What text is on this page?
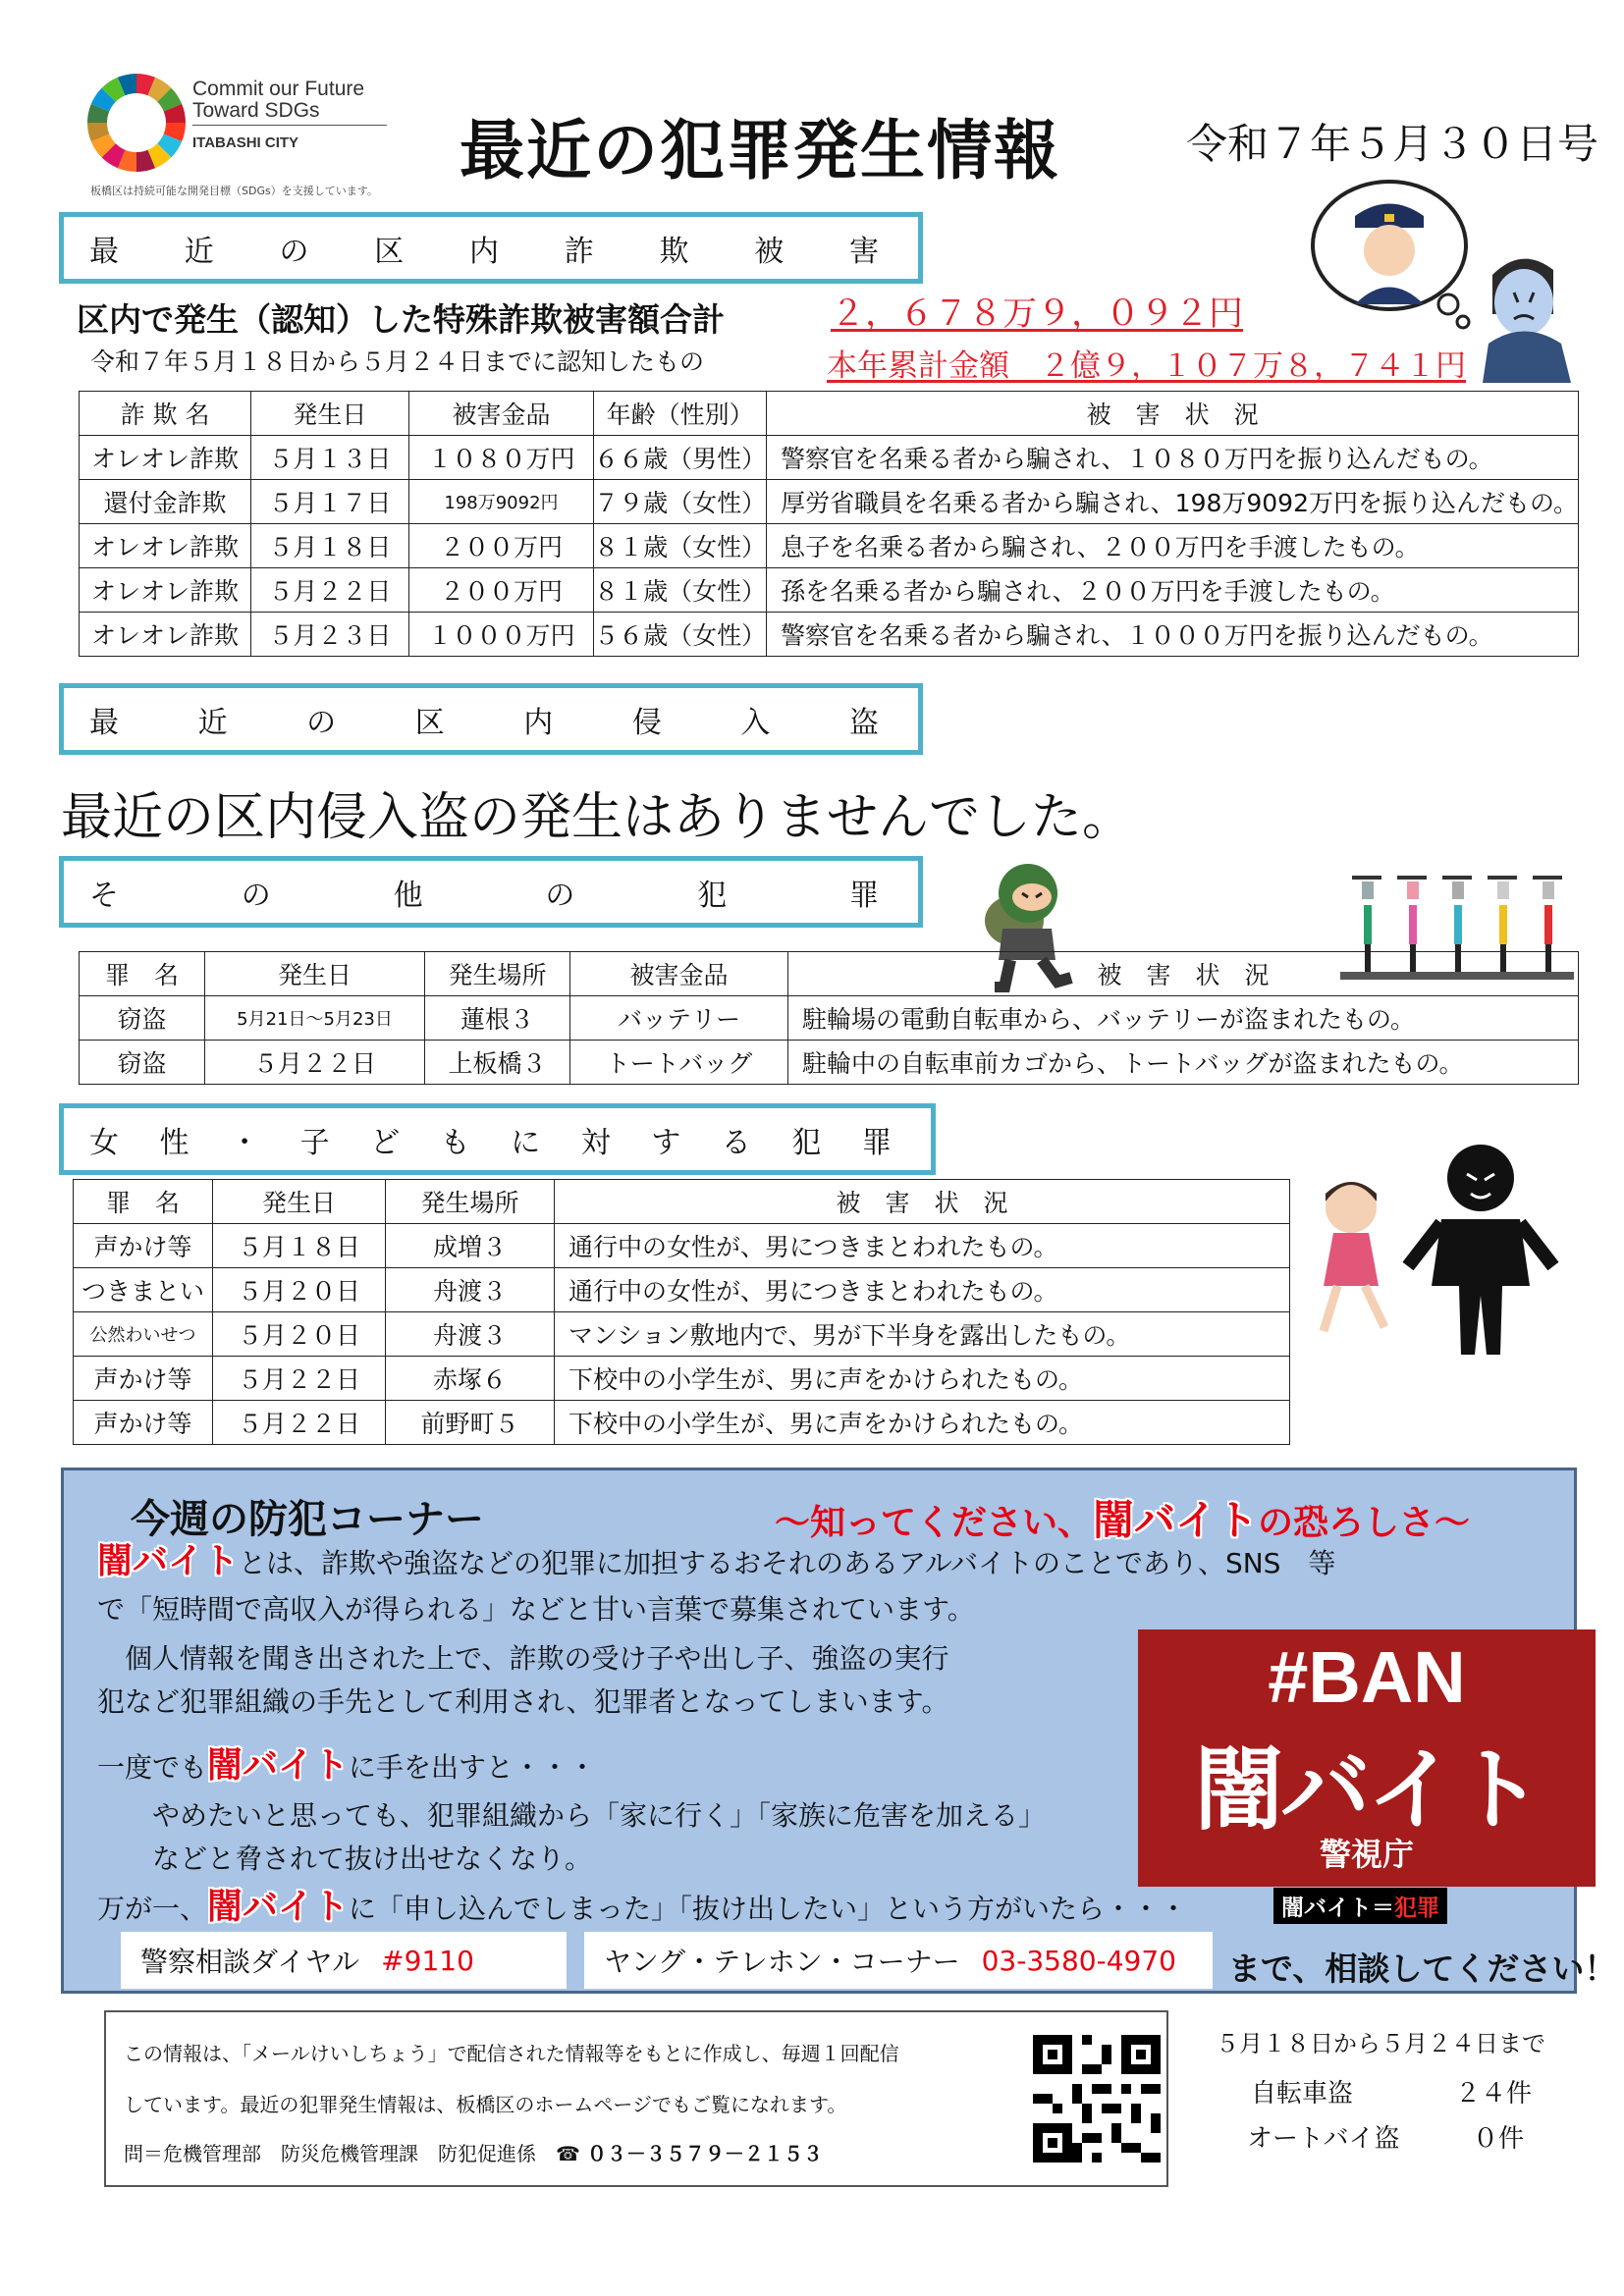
Commit our Future
Toward SDGs
ITABASHI CITY
板橋区は持続可能な開発目標（SDGs）を支援しています。
最近の犯罪発生情報	令和７年５月３０日号
最 近 の 区 内 詐 欺 被 害
区内で発生（認知）した特殊詐欺被害額合計
令和７年５月１８日から５月２４日までに認知したもの
２，６７８万９，０９２円
本年累計金額　２億９，１０７万８，７４１円
詐 欺 名	発生日	被害金品	年齢（性別）	被　害　状　況
オレオレ詐欺	５月１３日	１０８０万円	６６歳（男性）	警察官を名乗る者から騙され、１０８０万円を振り込んだもの。
還付金詐欺	５月１７日	198万9092円	７９歳（女性）	厚労省職員を名乗る者から騙され、198万9092万円を振り込んだもの。
オレオレ詐欺	５月１８日	２００万円	８１歳（女性）	息子を名乗る者から騙され、２００万円を手渡したもの。
オレオレ詐欺	５月２２日	２００万円	８１歳（女性）	孫を名乗る者から騙され、２００万円を手渡したもの。
オレオレ詐欺	５月２３日	１０００万円	５６歳（女性）	警察官を名乗る者から騙され、１０００万円を振り込んだもの。
最	近	の	区	内	侵	入	盗
最近の区内侵入盗の発生はありませんでした。
そ	の	他	の	犯	罪
罪　名	発生日	発生場所	被害金品	被　害　状　況
窃盗	5月21日～5月23日	蓮根３	バッテリー	駐輪場の電動自転車から、バッテリーが盗まれたもの。
窃盗	５月２２日	上板橋３	トートバッグ	駐輪中の自転車前カゴから、トートバッグが盗まれたもの。
女 性 ・ 子 ど も に 対 す る 犯 罪
罪　名	発生日	発生場所	被　害　状　況
声かけ等	５月１８日	成増３	通行中の女性が、男につきまとわれたもの。
つきまとい	５月２０日	舟渡３	通行中の女性が、男につきまとわれたもの。
公然わいせつ	５月２０日	舟渡３	マンション敷地内で、男が下半身を露出したもの。
声かけ等	５月２２日	赤塚６	下校中の小学生が、男に声をかけられたもの。
声かけ等	５月２２日	前野町５	下校中の小学生が、男に声をかけられたもの。
今週の防犯コーナー	～知ってください、闇バイトの恐ろしさ～
闇バイトとは、詐欺や強盗などの犯罪に加担するおそれのあるアルバイトのことであり、SNS　等
で「短時間で高収入が得られる」などと甘い言葉で募集されています。
　個人情報を聞き出された上で、詐欺の受け子や出し子、強盗の実行
犯など犯罪組織の手先として利用され、犯罪者となってしまいます。
一度でも闇バイトに手を出すと・・・
やめたいと思っても、犯罪組織から「家に行く」「家族に危害を加える」
などと脅されて抜け出せなくなり。
万が一、闇バイトに「申し込んでしまった」「抜け出したい」という方がいたら・・・
#BAN
闇バイト
警視庁
闇バイト＝犯罪
警察相談ダイヤル #9110	ヤング・テレホン・コーナー 03-3580-4970 まで、相談してください！
この情報は、「メールけいしちょう」で配信された情報等をもとに作成し、毎週１回配信
しています。最近の犯罪発生情報は、板橋区のホームページでもご覧になれます。
問＝危機管理部　防災危機管理課　防犯促進係 ☎ ０３－３５７９－２１５３
５月１８日から５月２４日まで
自転車盗	２４件
オートバイ盗	０件
